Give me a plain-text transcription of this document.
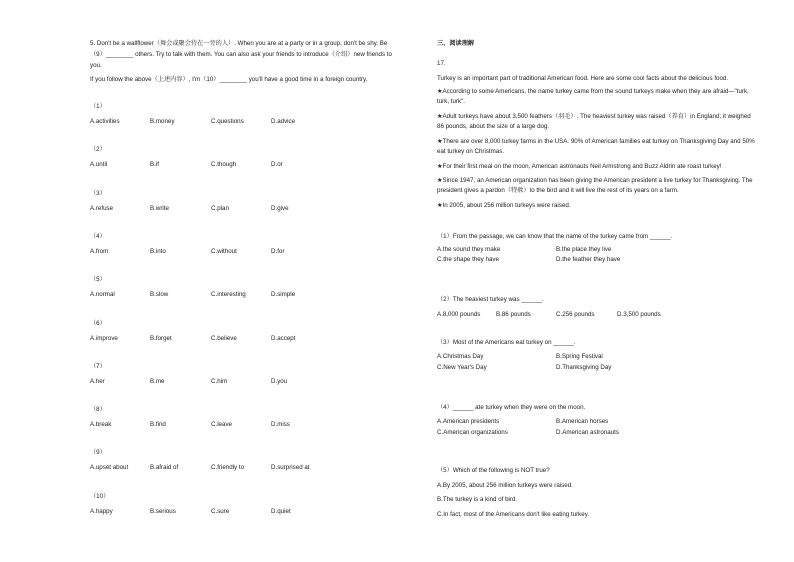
5. Don't be a wallflower（舞会或聚会待在一旁的人）. When you are at a party or in a group, don't be shy. Be
（9）________ others. Try to talk with them. You can also ask your friends to introduce（介绍）new friends to
you.
If you follow the above（上述内容）, I'm（10）________ you'll have a good time in a foreign country.
（1）
A.activities	B.money	C.questions	D.advice
（2）
A.until	B.if	C.though	D.or
（3）
A.refuse	B.write	C.plan	D.give
（4）
A.from	B.into	C.without	D.for
（5）
A.normal	B.slow	C.interesting	D.simple
（6）
A.improve	B.forget	C.believe	D.accept
（7）
A.her	B.me	C.him	D.you
（8）
A.break	B.find	C.leave	D.miss
（9）
A.upset about	B.afraid of	C.friendly to	D.surprised at
（10）
A.happy	B.serious	C.sure	D.quiet
三、阅读理解
17.
Turkey is an important part of traditional American food. Here are some cool facts about the delicious food.
★According to some Americans, the name turkey came from the sound turkeys make when they are afraid—"turk,
turk, turk".
★Adult turkeys have about 3,500 feathers（羽毛）. The heaviest turkey was raised（养育）in England; it weighed
86 pounds, about the size of a large dog.
★There are over 8,000 turkey farms in the USA. 90% of American families eat turkey on Thanksgiving Day and 50%
eat turkey on Christmas.
★For their first meal on the moon, American astronauts Neil Armstrong and Buzz Aldrin ate roast turkey!
★Since 1947, an American organization has been giving the American president a live turkey for Thanksgiving. The
president gives a pardon（特赦）to the bird and it will live the rest of its years on a farm.
★In 2005, about 256 million turkeys were raised.
（1）From the passage, we can know that the name of the turkey came from ______.
A.the sound they make	B.the place they live
C.the shape they have	D.the feather they have
（2）The heaviest turkey was ______.
A.8,000 pounds	B.86 pounds	C.256 pounds	D.3,500 pounds
（3）Most of the Americans eat turkey on ______.
A.Christmas Day	B.Spring Festival
C.New Year's Day	D.Thanksgiving Day
（4）______ ate turkey when they were on the moon.
A.American presidents	B.American horses
C.American organizations	D.American astronauts
（5）Which of the following is NOT true?
A.By 2005, about 256 million turkeys were raised.
B.The turkey is a kind of bird.
C.In fact, most of the Americans don't like eating turkey.
